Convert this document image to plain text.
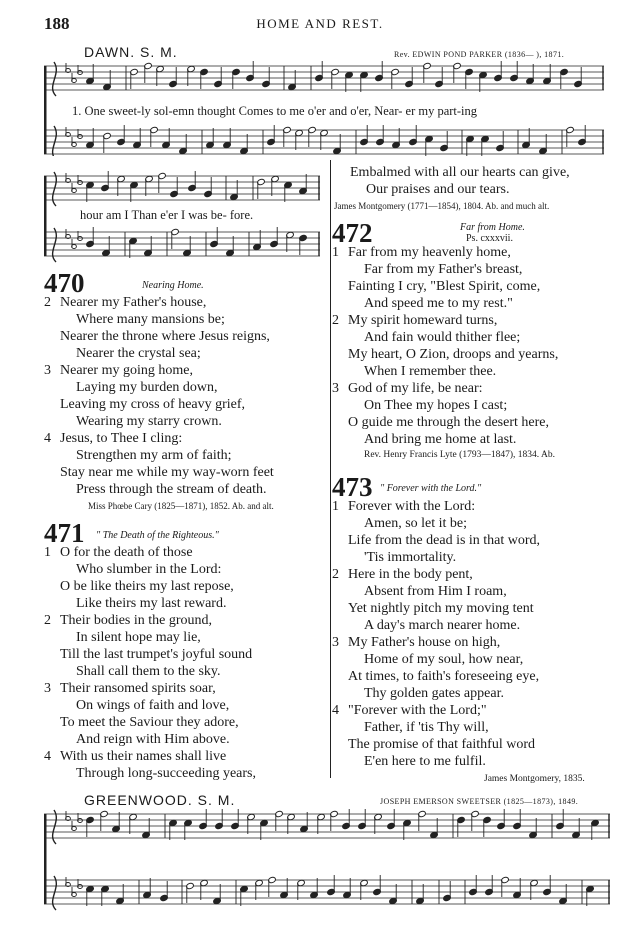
188	HOME AND REST.
DAWN. S. M.	Rev. EDWIN POND PARKER (1836— ), 1871.
1. One sweet-ly sol-emn thought Comes to me o'er and o'er, Near- er my part-ing
hour am I Than e'er I was be- fore.
Embalmed with all our hearts can give,
Our praises and our tears.
James Montgomery (1771—1854), 1804. Ab. and much alt.
470	Nearing Home.
2 Nearer my Father's house,
Where many mansions be;
Nearer the throne where Jesus reigns,
Nearer the crystal sea;
3 Nearer my going home,
Laying my burden down,
Leaving my cross of heavy grief,
Wearing my starry crown.
4 Jesus, to Thee I cling:
Strengthen my arm of faith;
Stay near me while my way-worn feet
Press through the stream of death.
Miss Phœbe Cary (1825—1871), 1852. Ab. and alt.
471 " The Death of the Righteous."
1 O for the death of those
Who slumber in the Lord:
O be like theirs my last repose,
Like theirs my last reward.
2 Their bodies in the ground,
In silent hope may lie,
Till the last trumpet's joyful sound
Shall call them to the sky.
3 Their ransomed spirits soar,
On wings of faith and love,
To meet the Saviour they adore,
And reign with Him above.
4 With us their names shall live
Through long-succeeding years,
472	Far from Home.
Ps. cxxxvii.
1 Far from my heavenly home,
Far from my Father's breast,
Fainting I cry, "Blest Spirit, come,
And speed me to my rest."
2 My spirit homeward turns,
And fain would thither flee;
My heart, O Zion, droops and yearns,
When I remember thee.
3 God of my life, be near:
On Thee my hopes I cast;
O guide me through the desert here,
And bring me home at last.
Rev. Henry Francis Lyte (1793—1847), 1834. Ab.
473 " Forever with the Lord."
1 Forever with the Lord:
Amen, so let it be;
Life from the dead is in that word,
'Tis immortality.
2 Here in the body pent,
Absent from Him I roam,
Yet nightly pitch my moving tent
A day's march nearer home.
3 My Father's house on high,
Home of my soul, how near,
At times, to faith's foreseeing eye,
Thy golden gates appear.
4 "Forever with the Lord;"
Father, if 'tis Thy will,
The promise of that faithful word
E'en here to me fulfil.
James Montgomery, 1835.
GREENWOOD. S. M.	JOSEPH EMERSON SWEETSER (1825—1873), 1849.
